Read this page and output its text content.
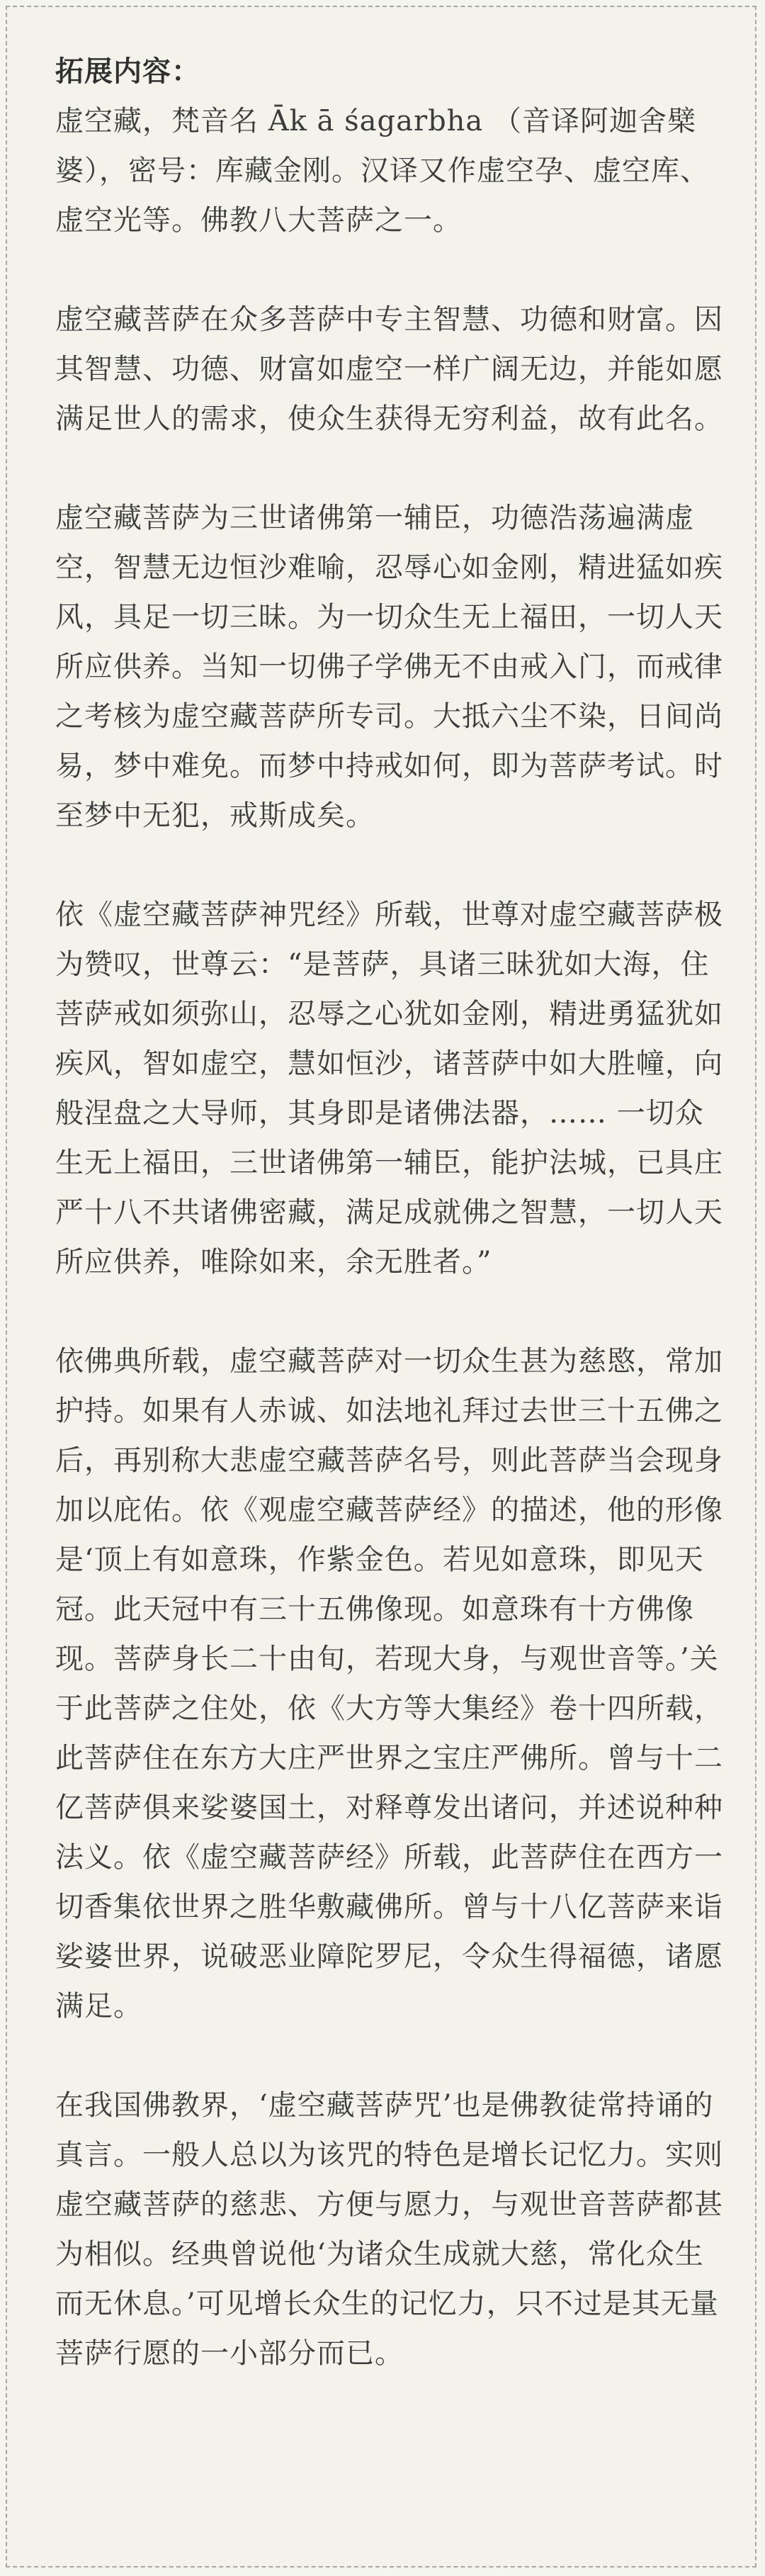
拓展内容：

虚空藏，梵音名 Āk ā śagarbha （音译阿迦舍檗婆），密号：库藏金刚。汉译又作虚空孕、虚空库、虚空光等。佛教八大菩萨之一。

虚空藏菩萨在众多菩萨中专主智慧、功德和财富。因其智慧、功德、财富如虚空一样广阔无边，并能如愿满足世人的需求，使众生获得无穷利益，故有此名。

虚空藏菩萨为三世诸佛第一辅臣，功德浩荡遍满虚空，智慧无边恒沙难喻，忍辱心如金刚，精进猛如疾风，具足一切三昧。为一切众生无上福田，一切人天所应供养。当知一切佛子学佛无不由戒入门，而戒律之考核为虚空藏菩萨所专司。大抵六尘不染，日间尚易，梦中难免。而梦中持戒如何，即为菩萨考试。时至梦中无犯，戒斯成矣。

依《虚空藏菩萨神咒经》所载，世尊对虚空藏菩萨极为赞叹，世尊云：“是菩萨，具诸三昧犹如大海，住菩萨戒如须弥山，忍辱之心犹如金刚，精进勇猛犹如疾风，智如虚空，慧如恒沙，诸菩萨中如大胜幢，向般涅盘之大导师，其身即是诸佛法器，…… 一切众生无上福田，三世诸佛第一辅臣，能护法城，已具庄严十八不共诸佛密藏，满足成就佛之智慧，一切人天所应供养，唯除如来，余无胜者。”

依佛典所载，虚空藏菩萨对一切众生甚为慈愍，常加护持。如果有人赤诚、如法地礼拜过去世三十五佛之后，再别称大悲虚空藏菩萨名号，则此菩萨当会现身加以庇佑。依《观虚空藏菩萨经》的描述，他的形像是‘顶上有如意珠，作紫金色。若见如意珠，即见天冠。此天冠中有三十五佛像现。如意珠有十方佛像现。菩萨身长二十由旬，若现大身，与观世音等。’关于此菩萨之住处，依《大方等大集经》卷十四所载，此菩萨住在东方大庄严世界之宝庄严佛所。曾与十二亿菩萨俱来娑婆国土，对释尊发出诸问，并述说种种法义。依《虚空藏菩萨经》所载，此菩萨住在西方一切香集依世界之胜华敷藏佛所。曾与十八亿菩萨来诣娑婆世界，说破恶业障陀罗尼，令众生得福德，诸愿满足。

在我国佛教界，‘虚空藏菩萨咒’也是佛教徒常持诵的真言。一般人总以为该咒的特色是增长记忆力。实则虚空藏菩萨的慈悲、方便与愿力，与观世音菩萨都甚为相似。经典曾说他‘为诸众生成就大慈，常化众生而无休息。’可见增长众生的记忆力，只不过是其无量菩萨行愿的一小部分而已。
